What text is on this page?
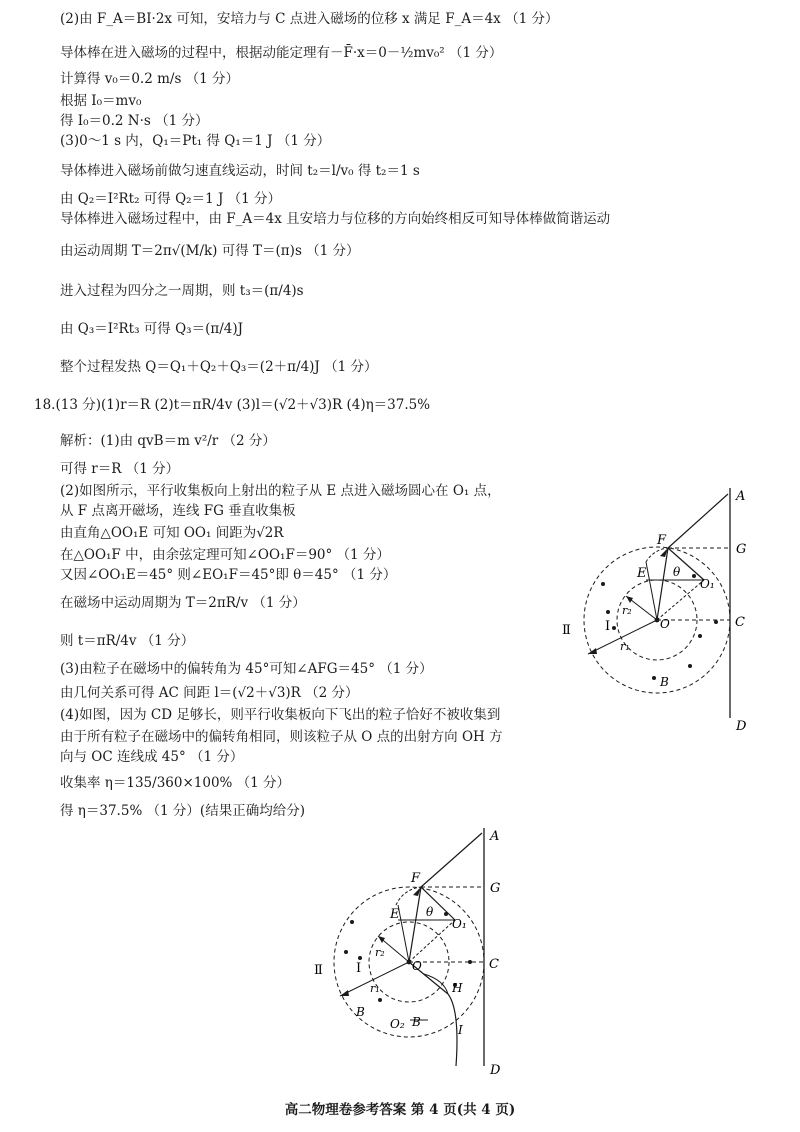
(2)由 F_A＝BI·2x 可知，安培力与 C 点进入磁场的位移 x 满足 F_A＝4x （1 分）
导体棒在进入磁场的过程中，根据动能定理有－F̄·x＝0－½mv₀² （1 分）
计算得 v₀＝0.2 m/s （1 分）
根据 I₀＝mv₀
得 I₀＝0.2 N·s （1 分）
(3)0～1 s 内，Q₁＝Pt₁ 得 Q₁＝1 J （1 分）
导体棒进入磁场前做匀速直线运动，时间 t₂＝l/v₀ 得 t₂＝1 s
由 Q₂＝I²Rt₂ 可得 Q₂＝1 J （1 分）
导体棒进入磁场过程中，由 F_A＝4x 且安培力与位移的方向始终相反可知导体棒做简谐运动
由运动周期 T＝2π√(M/k) 可得 T＝(π)s （1 分）
进入过程为四分之一周期，则 t₃＝(π/4)s
由 Q₃＝I²Rt₃ 可得 Q₃＝(π/4)J
整个过程发热 Q＝Q₁＋Q₂＋Q₃＝(2＋π/4)J （1 分）
18.(13 分)(1)r＝R (2)t＝πR/4v (3)l＝(√2＋√3)R (4)η＝37.5%
解析：(1)由 qvB＝m v²/r （2 分）
可得 r＝R （1 分）
(2)如图所示，平行收集板向上射出的粒子从 E 点进入磁场圆心在 O₁ 点，
从 F 点离开磁场，连线 FG 垂直收集板
由直角△OO₁E 可知 OO₁ 间距为√2R
在△OO₁F 中，由余弦定理可知∠OO₁F＝90° （1 分）
又因∠OO₁E＝45° 则∠EO₁F＝45°即 θ＝45° （1 分）
在磁场中运动周期为 T＝2πR/v （1 分）
则 t＝πR/4v （1 分）
(3)由粒子在磁场中的偏转角为 45°可知∠AFG＝45° （1 分）
由几何关系可得 AC 间距 l＝(√2＋√3)R （2 分）
(4)如图，因为 CD 足够长，则平行收集板向下飞出的粒子恰好不被收集到
由于所有粒子在磁场中的偏转角相同，则该粒子从 O 点的出射方向 OH 方
向与 OC 连线成 45° （1 分）
收集率 η＝135/360×100% （1 分）
得 η＝37.5% （1 分）(结果正确均给分)
A
G
F
E θ
O₁
r₂
O	C
Ⅱ	Ⅰ
r₁
B
D
A
F
G
E θ
O₁
r₂
Ⅱ	Ⅰ	O	C
r₁	H
B
O₂ B
I
D
高二物理卷参考答案 第 4 页(共 4 页)
